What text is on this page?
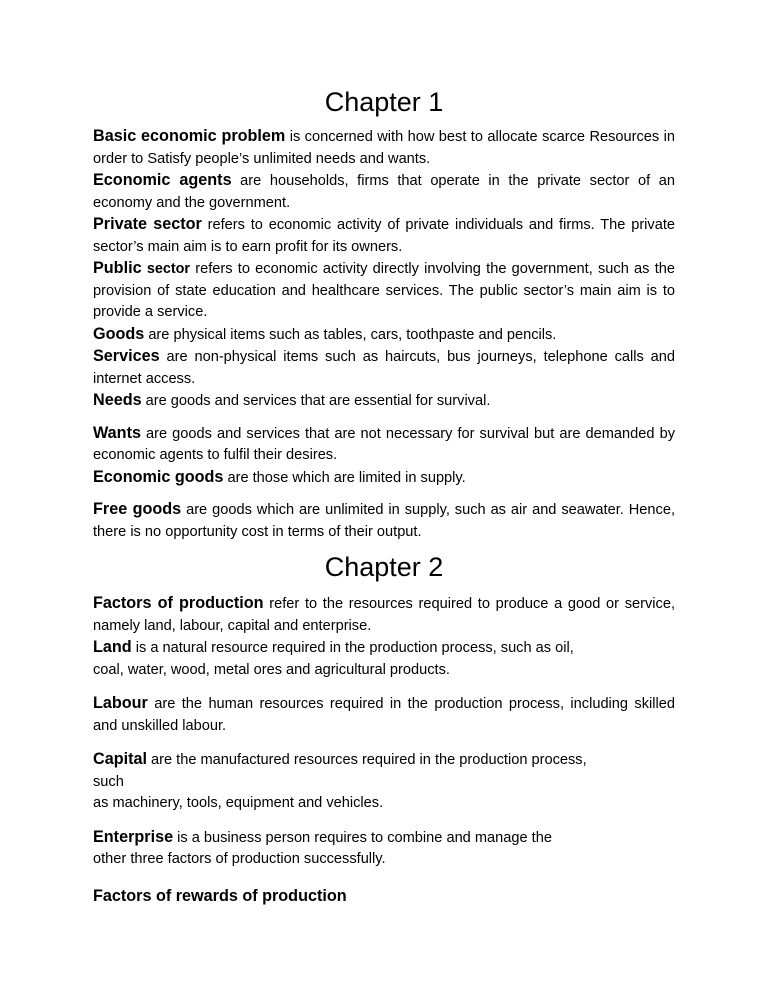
Chapter 1

Basic economic problem is concerned with how best to allocate scarce Resources in order to Satisfy people’s unlimited needs and wants.

Economic agents are households, firms that operate in the private sector of an economy and the government.

Private sector refers to economic activity of private individuals and firms. The private sector’s main aim is to earn profit for its owners.

Public sector refers to economic activity directly involving the government, such as the provision of state education and healthcare services. The public sector’s main aim is to provide a service.

Goods are physical items such as tables, cars, toothpaste and pencils.

Services are non-physical items such as haircuts, bus journeys, telephone calls and internet access.

Needs are goods and services that are essential for survival.

Wants are goods and services that are not necessary for survival but are demanded by economic agents to fulfil their desires.

Economic goods are those which are limited in supply.

Free goods are goods which are unlimited in supply, such as air and seawater. Hence, there is no opportunity cost in terms of their output.

Chapter 2

Factors of production refer to the resources required to produce a good or service, namely land, labour, capital and enterprise.

Land is a natural resource required in the production process, such as oil,
coal, water, wood, metal ores and agricultural products.

Labour are the human resources required in the production process, including skilled and unskilled labour.

Capital are the manufactured resources required in the production process,
such
as machinery, tools, equipment and vehicles.

Enterprise is a business person requires to combine and manage the
other three factors of production successfully.

Factors of rewards of production
